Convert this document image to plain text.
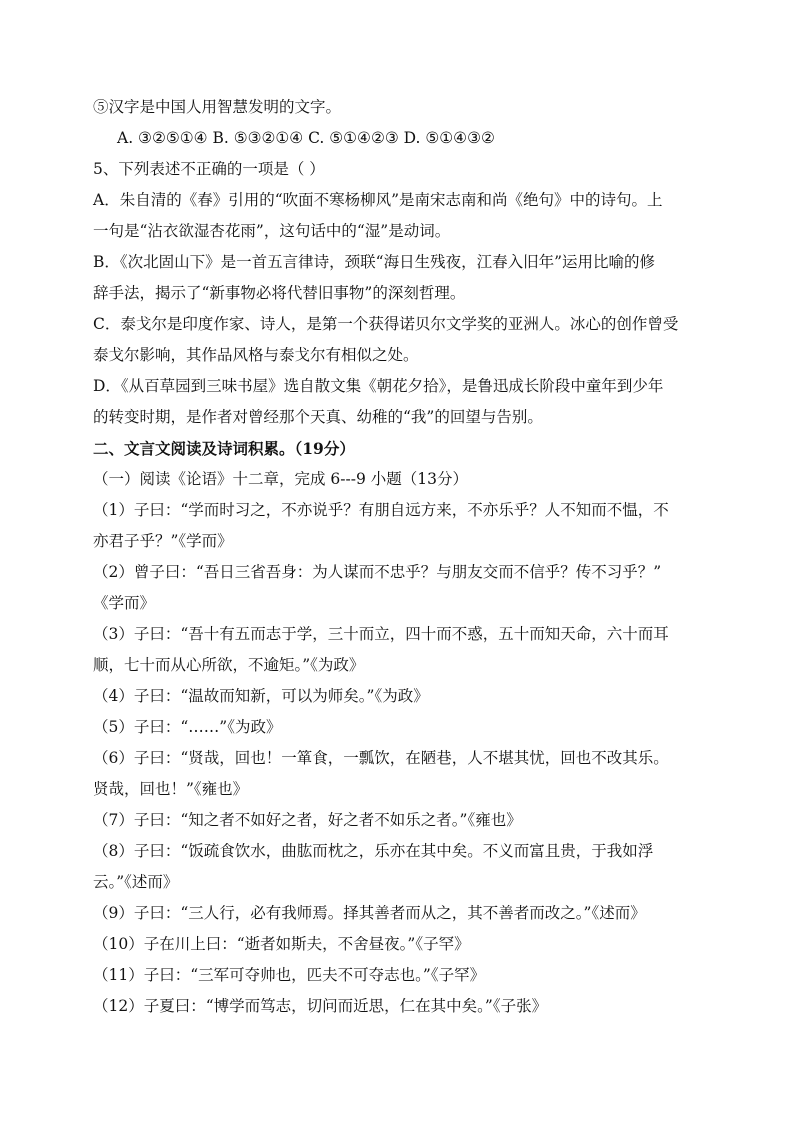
⑤汉字是中国人用智慧发明的文字。
A. ③②⑤①④ B. ⑤③②①④ C. ⑤①④②③ D. ⑤①④③②
5、下列表述不正确的一项是（ ）
A．朱自清的《春》引用的“吹面不寒杨柳风”是南宋志南和尚《绝句》中的诗句。上
一句是“沾衣欲湿杏花雨”，这句话中的“湿”是动词。
B．《次北固山下》是一首五言律诗，颈联“海日生残夜，江春入旧年”运用比喻的修
辞手法，揭示了“新事物必将代替旧事物”的深刻哲理。
C．泰戈尔是印度作家、诗人，是第一个获得诺贝尔文学奖的亚洲人。冰心的创作曾受
泰戈尔影响，其作品风格与泰戈尔有相似之处。
D．《从百草园到三味书屋》选自散文集《朝花夕拾》，是鲁迅成长阶段中童年到少年
的转变时期，是作者对曾经那个天真、幼稚的“我”的回望与告别。
二、文言文阅读及诗词积累。（19分）
（一）阅读《论语》十二章，完成 6---9 小题（13分）
（1）子曰：“学而时习之，不亦说乎？有朋自远方来，不亦乐乎？人不知而不愠，不
亦君子乎？”《学而》
（2）曾子曰：“吾日三省吾身：为人谋而不忠乎？与朋友交而不信乎？传不习乎？”
《学而》
（3）子曰：“吾十有五而志于学，三十而立，四十而不惑，五十而知天命，六十而耳
顺，七十而从心所欲，不逾矩。”《为政》
（4）子曰：“温故而知新，可以为师矣。”《为政》
（5）子曰：“……”《为政》
（6）子曰：“贤哉，回也！一箪食，一瓢饮，在陋巷，人不堪其忧，回也不改其乐。
贤哉，回也！”《雍也》
（7）子曰：“知之者不如好之者，好之者不如乐之者。”《雍也》
（8）子曰：“饭疏食饮水，曲肱而枕之，乐亦在其中矣。不义而富且贵，于我如浮
云。”《述而》
（9）子曰：“三人行，必有我师焉。择其善者而从之，其不善者而改之。”《述而》
（10）子在川上曰：“逝者如斯夫，不舍昼夜。”《子罕》
（11）子曰：“三军可夺帅也，匹夫不可夺志也。”《子罕》
（12）子夏曰：“博学而笃志，切问而近思，仁在其中矣。”《子张》
